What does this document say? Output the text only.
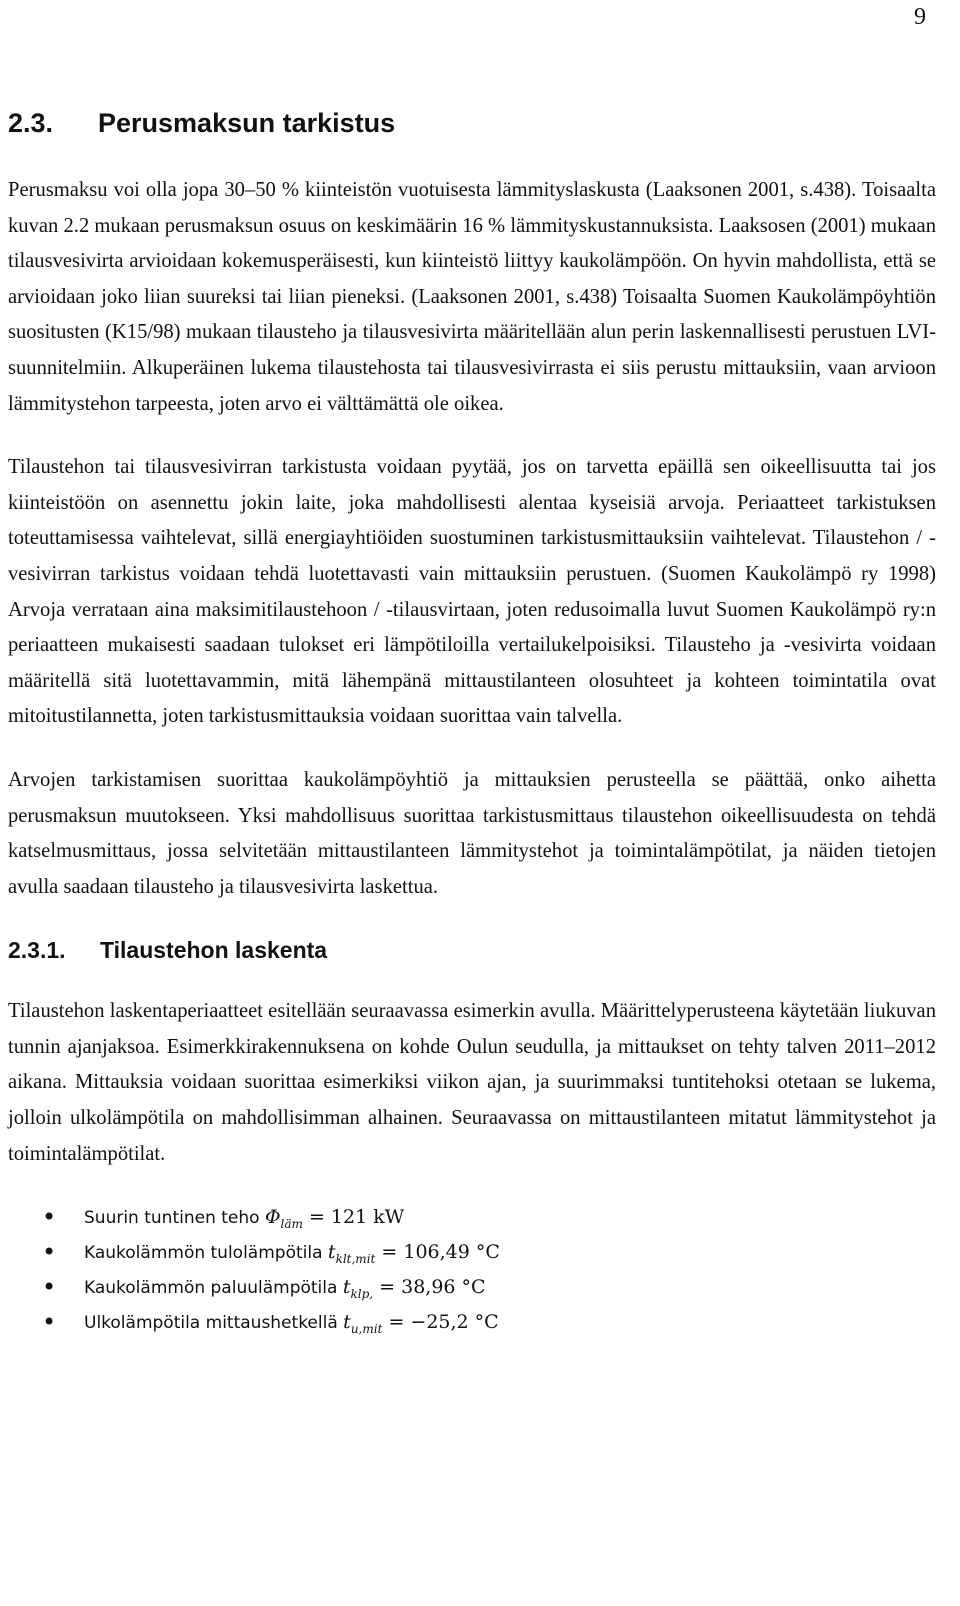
9
2.3.	Perusmaksun tarkistus

Perusmaksu voi olla jopa 30–50 % kiinteistön vuotuisesta lämmityslaskusta (Laaksonen 2001, s.438). Toisaalta kuvan 2.2 mukaan perusmaksun osuus on keskimäärin 16 % lämmityskustannuksista. Laaksosen (2001) mukaan tilausvesivirta arvioidaan kokemusperäisesti, kun kiinteistö liittyy kaukolämpöön. On hyvin mahdollista, että se arvioidaan joko liian suureksi tai liian pieneksi. (Laaksonen 2001, s.438) Toisaalta Suomen Kaukolämpöyhtiön suositusten (K15/98) mukaan tilausteho ja tilausvesivirta määritellään alun perin laskennallisesti perustuen LVI-suunnitelmiin. Alkuperäinen lukema tilaustehosta tai tilausvesivirrasta ei siis perustu mittauksiin, vaan arvioon lämmitystehon tarpeesta, joten arvo ei välttämättä ole oikea.

Tilaustehon tai tilausvesivirran tarkistusta voidaan pyytää, jos on tarvetta epäillä sen oikeellisuutta tai jos kiinteistöön on asennettu jokin laite, joka mahdollisesti alentaa kyseisiä arvoja. Periaatteet tarkistuksen toteuttamisessa vaihtelevat, sillä energiayhtiöiden suostuminen tarkistusmittauksiin vaihtelevat. Tilaustehon / -vesivirran tarkistus voidaan tehdä luotettavasti vain mittauksiin perustuen. (Suomen Kaukolämpö ry 1998) Arvoja verrataan aina maksimitilaustehoon / -tilausvirtaan, joten redusoimalla luvut Suomen Kaukolämpö ry:n periaatteen mukaisesti saadaan tulokset eri lämpötiloilla vertailukelpoisiksi. Tilausteho ja -vesivirta voidaan määritellä sitä luotettavammin, mitä lähempänä mittaustilanteen olosuhteet ja kohteen toimintatila ovat mitoitustilannetta, joten tarkistusmittauksia voidaan suorittaa vain talvella.

Arvojen tarkistamisen suorittaa kaukolämpöyhtiö ja mittauksien perusteella se päättää, onko aihetta perusmaksun muutokseen. Yksi mahdollisuus suorittaa tarkistusmittaus tilaustehon oikeellisuudesta on tehdä katselmusmittaus, jossa selvitetään mittaustilanteen lämmitystehot ja toimintalämpötilat, ja näiden tietojen avulla saadaan tilausteho ja tilausvesivirta laskettua.

2.3.1.	Tilaustehon laskenta

Tilaustehon laskentaperiaatteet esitellään seuraavassa esimerkin avulla. Määrittelyperusteena käytetään liukuvan tunnin ajanjaksoa. Esimerkkirakennuksena on kohde Oulun seudulla, ja mittaukset on tehty talven 2011–2012 aikana. Mittauksia voidaan suorittaa esimerkiksi viikon ajan, ja suurimmaksi tuntitehoksi otetaan se lukema, jolloin ulkolämpötila on mahdollisimman alhainen. Seuraavassa on mittaustilanteen mitatut lämmitystehot ja toimintalämpötilat.

• Suurin tuntinen teho $\Phi_{läm} = 121$ kW
• Kaukolämmön tulolämpötila $t_{klt,mit} = 106,49$ °C
• Kaukolämmön paluulämpötila $t_{klp,} = 38,96$ °C
• Ulkolämpötila mittaushetkellä $t_{u,mit} = -25,2$ °C
